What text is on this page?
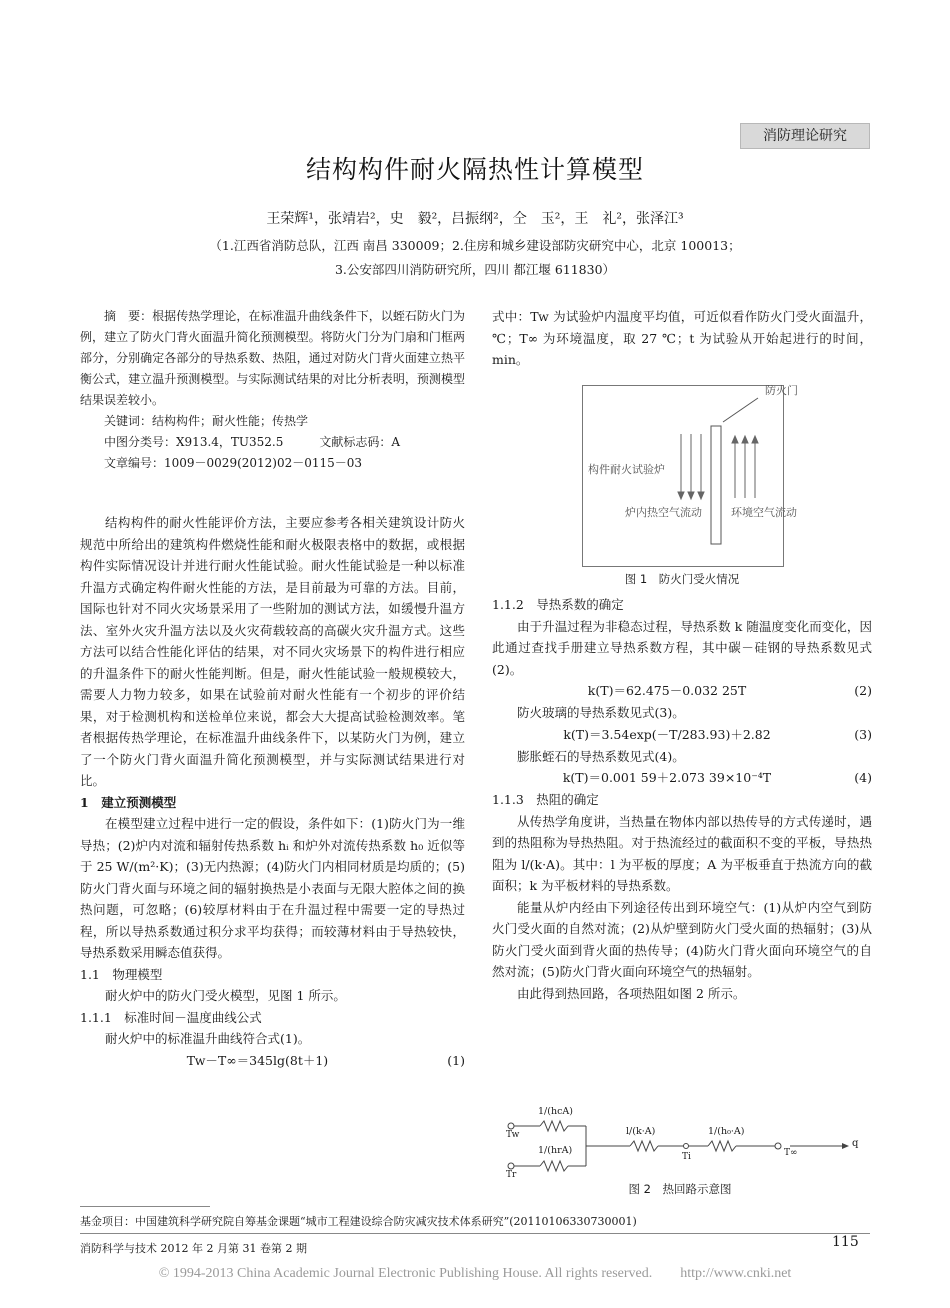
消防理论研究
结构构件耐火隔热性计算模型
王荣辉¹，张靖岩²，史　毅²，吕振纲²，仝　玉²，王　礼²，张泽江³
（1.江西省消防总队，江西 南昌 330009；2.住房和城乡建设部防灾研究中心，北京 100013；
3.公安部四川消防研究所，四川 都江堰 611830）

摘　要：根据传热学理论，在标准温升曲线条件下，以蛭石防火门为例，建立了防火门背火面温升简化预测模型。将防火门分为门扇和门框两部分，分别确定各部分的导热系数、热阻，通过对防火门背火面建立热平衡公式，建立温升预测模型。与实际测试结果的对比分析表明，预测模型结果误差较小。

关键词：结构构件；耐火性能；传热学

中图分类号：X913.4，TU352.5　　　文献标志码：A

文章编号：1009－0029(2012)02－0115－03

结构构件的耐火性能评价方法，主要应参考各相关建筑设计防火规范中所给出的建筑构件燃烧性能和耐火极限表格中的数据，或根据构件实际情况设计并进行耐火性能试验。耐火性能试验是一种以标准升温方式确定构件耐火性能的方法，是目前最为可靠的方法。目前，国际也针对不同火灾场景采用了一些附加的测试方法，如缓慢升温方法、室外火灾升温方法以及火灾荷载较高的高碳火灾升温方式。这些方法可以结合性能化评估的结果，对不同火灾场景下的构件进行相应的升温条件下的耐火性能判断。但是，耐火性能试验一般规模较大，需要人力物力较多，如果在试验前对耐火性能有一个初步的评价结果，对于检测机构和送检单位来说，都会大大提高试验检测效率。笔者根据传热学理论，在标准温升曲线条件下，以某防火门为例，建立了一个防火门背火面温升简化预测模型，并与实际测试结果进行对比。

1　建立预测模型

在模型建立过程中进行一定的假设，条件如下：(1)防火门为一维导热；(2)炉内对流和辐射传热系数 hᵢ 和炉外对流传热系数 h₀ 近似等于 25 W/(m²·K)；(3)无内热源；(4)防火门内相同材质是均质的；(5)防火门背火面与环境之间的辐射换热是小表面与无限大腔体之间的换热问题，可忽略；(6)较厚材料由于在升温过程中需要一定的导热过程，所以导热系数通过积分求平均获得；而较薄材料由于导热较快，导热系数采用瞬态值获得。

1.1　物理模型

耐火炉中的防火门受火模型，见图 1 所示。

1.1.1　标准时间－温度曲线公式

耐火炉中的标准温升曲线符合式(1)。

Tw－T∞＝345lg(8t＋1)	(1)

式中：Tw 为试验炉内温度平均值，可近似看作防火门受火面温升，℃；T∞ 为环境温度，取 27 ℃；t 为试验从开始起进行的时间，min。

防火门
构件耐火试验炉
炉内热空气流动	环境空气流动
图 1　防火门受火情况

1.1.2　导热系数的确定

由于升温过程为非稳态过程，导热系数 k 随温度变化而变化，因此通过查找手册建立导热系数方程，其中碳－硅钢的导热系数见式(2)。

k(T)＝62.475－0.032 25T	(2)

防火玻璃的导热系数见式(3)。

k(T)＝3.54exp(－T/283.93)＋2.82	(3)

膨胀蛭石的导热系数见式(4)。

k(T)＝0.001 59＋2.073 39×10⁻⁴T	(4)

1.1.3　热阻的确定

从传热学角度讲，当热量在物体内部以热传导的方式传递时，遇到的热阻称为导热热阻。对于热流经过的截面积不变的平板，导热热阻为 l/(k·A)。其中：l 为平板的厚度；A 为平板垂直于热流方向的截面积；k 为平板材料的导热系数。

能量从炉内经由下列途径传出到环境空气：(1)从炉内空气到防火门受火面的自然对流；(2)从炉壁到防火门受火面的热辐射；(3)从防火门受火面到背火面的热传导；(4)防火门背火面向环境空气的自然对流；(5)防火门背火面向环境空气的热辐射。

由此得到热回路，各项热阻如图 2 所示。

1/(hcA)
1/(hrA)
l/(k·A)	1/(h₀·A)
Tw
Tr
Ti	T∞
q
图 2　热回路示意图
基金项目：中国建筑科学研究院自筹基金课题“城市工程建设综合防灾减灾技术体系研究”(20110106330730001)
消防科学与技术 2012 年 2 月第 31 卷第 2 期	115
© 1994-2013 China Academic Journal Electronic Publishing House. All rights reserved.　　http://www.cnki.net
